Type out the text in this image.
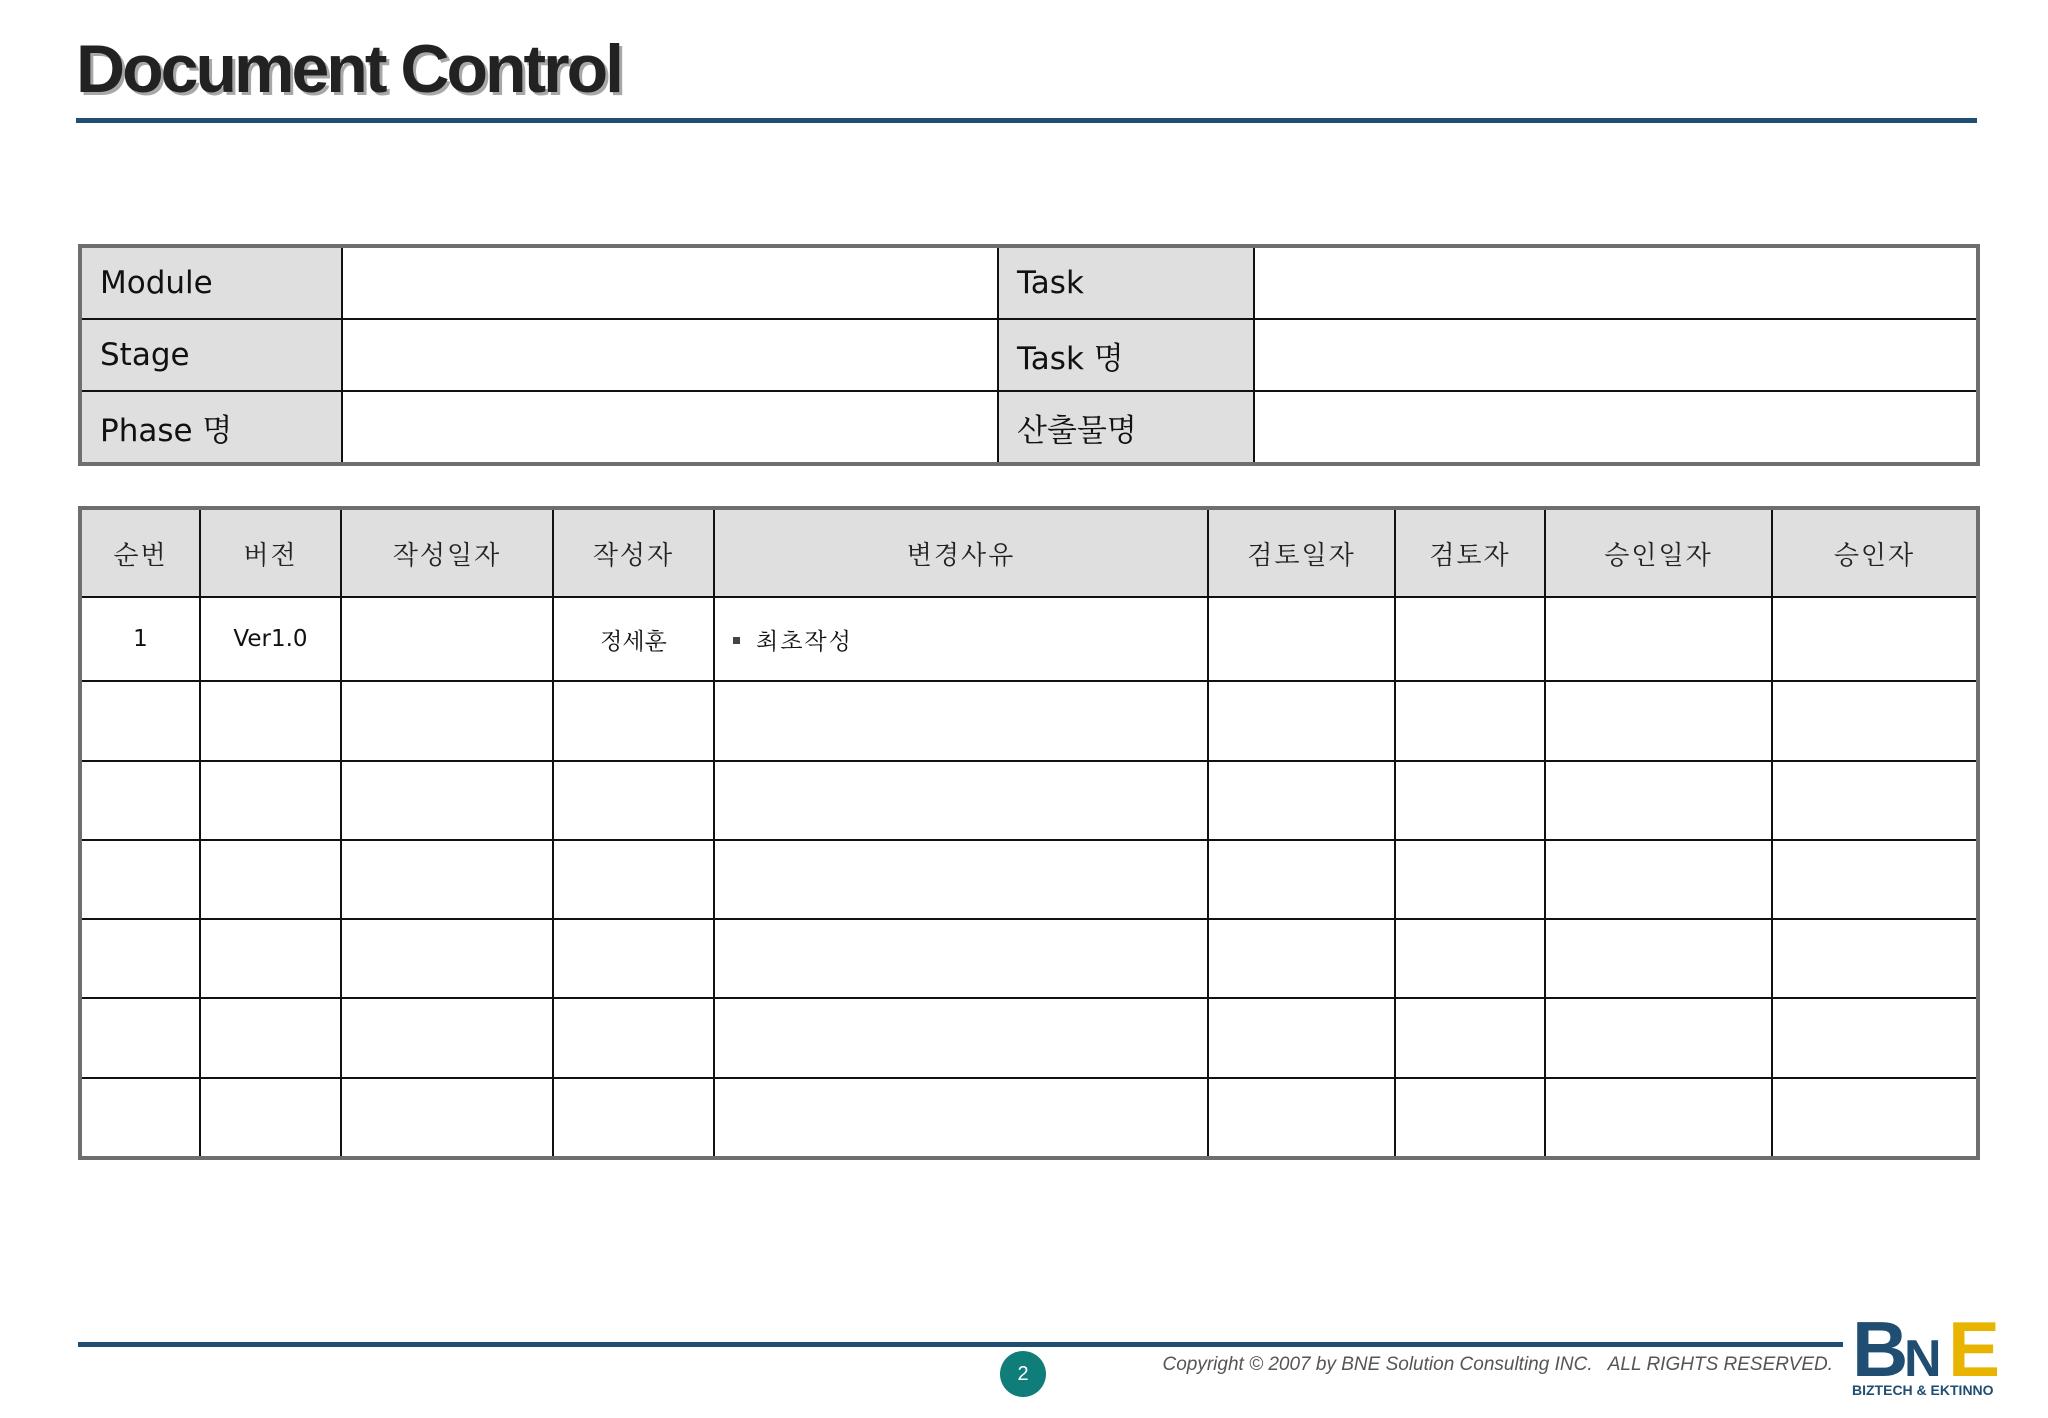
Document Control
Module		Task	
Stage		Task 명	
Phase 명		산출물명	
순번	버전	작성일자	작성자	변경사유	검토일자	검토자	승인일자	승인자
1	Ver1.0		정세훈	최초작성				

2	Copyright © 2007 by BNE Solution Consulting INC.   ALL RIGHTS RESERVED. B N E
BIZTECH & EKTINNO
